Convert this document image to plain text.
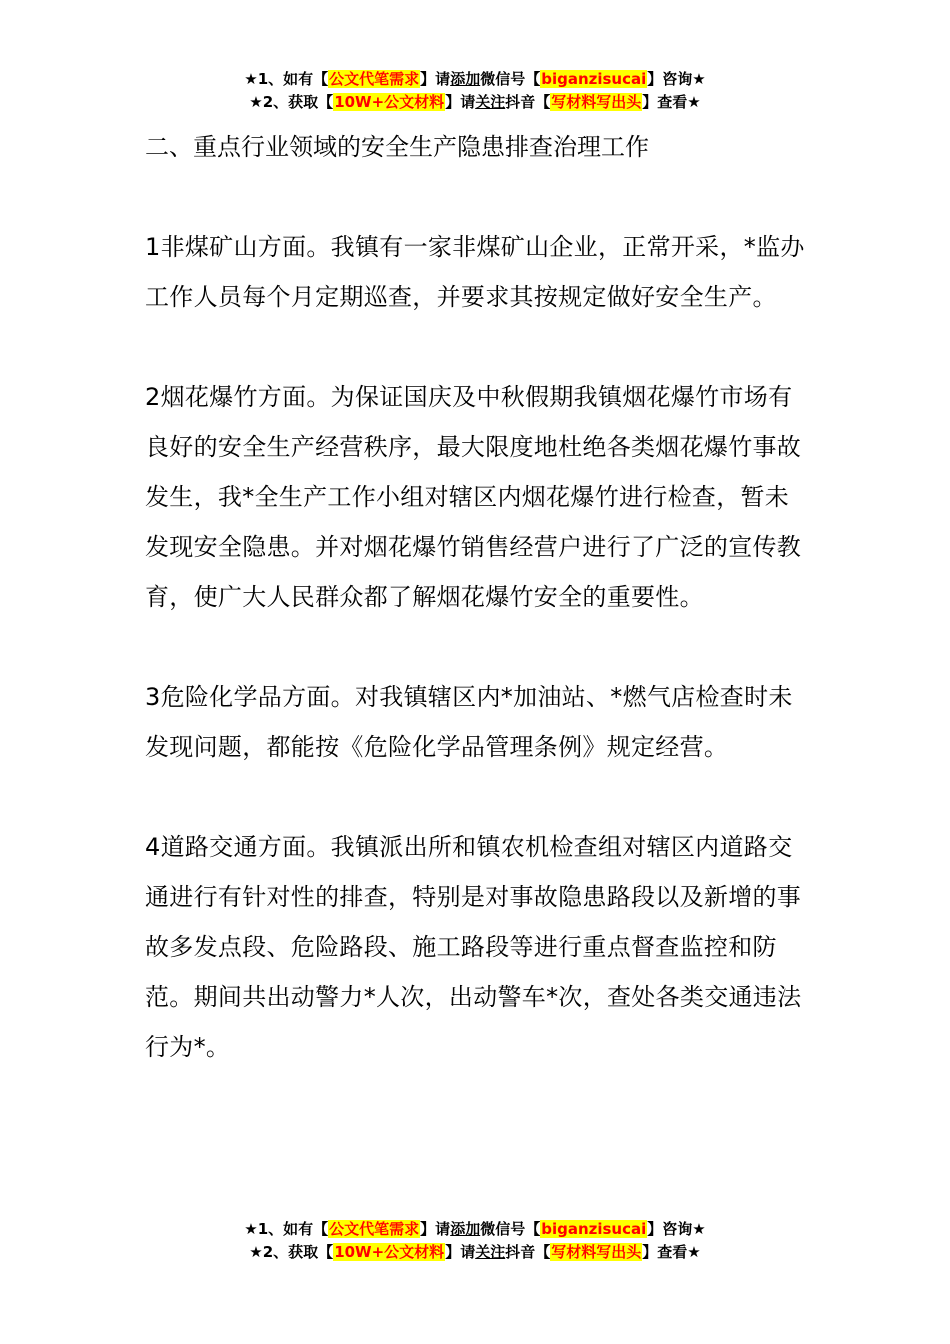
★1、如有【公文代笔需求】请添加微信号【biganzisucai】咨询★
★2、获取【10W+公文材料】请关注抖音【写材料写出头】查看★

二、重点行业领域的安全生产隐患排查治理工作

1非煤矿山方面。我镇有一家非煤矿山企业，正常开采，*监办工作人员每个月定期巡查，并要求其按规定做好安全生产。

2烟花爆竹方面。为保证国庆及中秋假期我镇烟花爆竹市场有良好的安全生产经营秩序，最大限度地杜绝各类烟花爆竹事故发生，我*全生产工作小组对辖区内烟花爆竹进行检查，暂未发现安全隐患。并对烟花爆竹销售经营户进行了广泛的宣传教育，使广大人民群众都了解烟花爆竹安全的重要性。

3危险化学品方面。对我镇辖区内*加油站、*燃气店检查时未发现问题，都能按《危险化学品管理条例》规定经营。

4道路交通方面。我镇派出所和镇农机检查组对辖区内道路交通进行有针对性的排查，特别是对事故隐患路段以及新增的事故多发点段、危险路段、施工路段等进行重点督查监控和防范。期间共出动警力*人次，出动警车*次，查处各类交通违法行为*。

★1、如有【公文代笔需求】请添加微信号【biganzisucai】咨询★
★2、获取【10W+公文材料】请关注抖音【写材料写出头】查看★
